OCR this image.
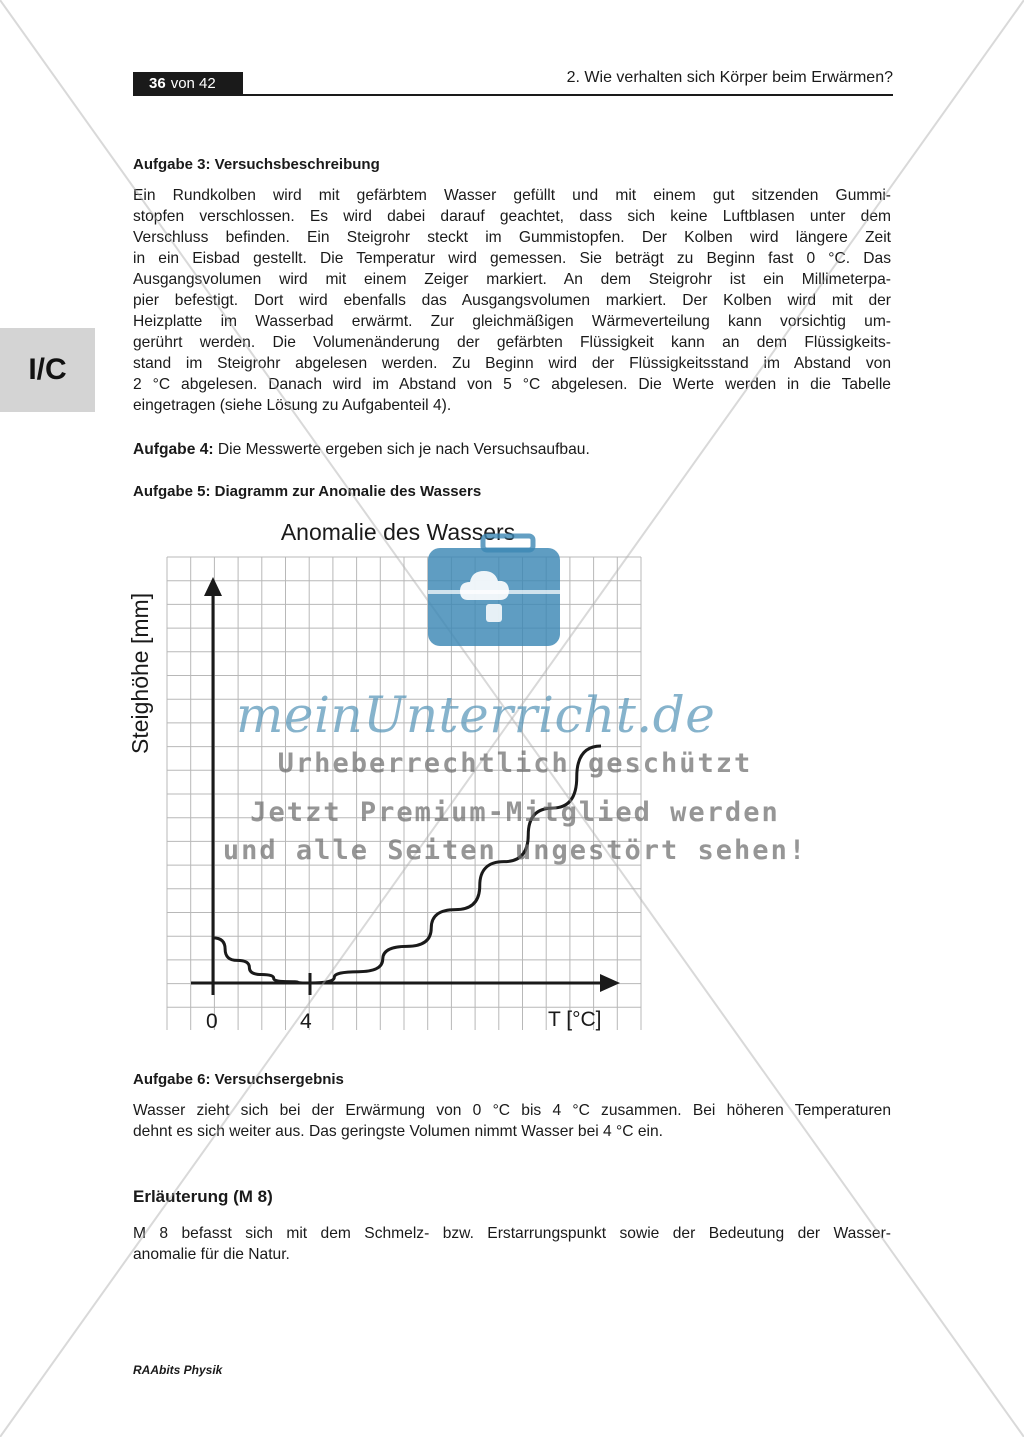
36 von 42	2. Wie verhalten sich Körper beim Erwärmen?
I/C
Aufgabe 3: Versuchsbeschreibung
Ein Rundkolben wird mit gefärbtem Wasser gefüllt und mit einem gut sitzenden Gummi-
stopfen verschlossen. Es wird dabei darauf geachtet, dass sich keine Luftblasen unter dem
Verschluss befinden. Ein Steigrohr steckt im Gummistopfen. Der Kolben wird längere Zeit
in ein Eisbad gestellt. Die Temperatur wird gemessen. Sie beträgt zu Beginn fast 0 °C. Das
Ausgangsvolumen wird mit einem Zeiger markiert. An dem Steigrohr ist ein Millimeterpa-
pier befestigt. Dort wird ebenfalls das Ausgangsvolumen markiert. Der Kolben wird mit der
Heizplatte im Wasserbad erwärmt. Zur gleichmäßigen Wärmeverteilung kann vorsichtig um-
gerührt werden. Die Volumenänderung der gefärbten Flüssigkeit kann an dem Flüssigkeits-
stand im Steigrohr abgelesen werden. Zu Beginn wird der Flüssigkeitsstand im Abstand von
2 °C abgelesen. Danach wird im Abstand von 5 °C abgelesen. Die Werte werden in die Tabelle
eingetragen (siehe Lösung zu Aufgabenteil 4).
Aufgabe 4: Die Messwerte ergeben sich je nach Versuchsaufbau.
Aufgabe 5: Diagramm zur Anomalie des Wassers
Anomalie des Wassers
Steighöhe [mm]
0	4	T [°C]
Aufgabe 6: Versuchsergebnis
Wasser zieht sich bei der Erwärmung von 0 °C bis 4 °C zusammen. Bei höheren Temperaturen
dehnt es sich weiter aus. Das geringste Volumen nimmt Wasser bei 4 °C ein.
Erläuterung (M 8)
M 8 befasst sich mit dem Schmelz- bzw. Erstarrungspunkt sowie der Bedeutung der Wasser-
anomalie für die Natur.
RAAbits Physik
meinUnterricht.de
Urheberrechtlich geschützt
Jetzt Premium-Mitglied werden
und alle Seiten ungestört sehen!
